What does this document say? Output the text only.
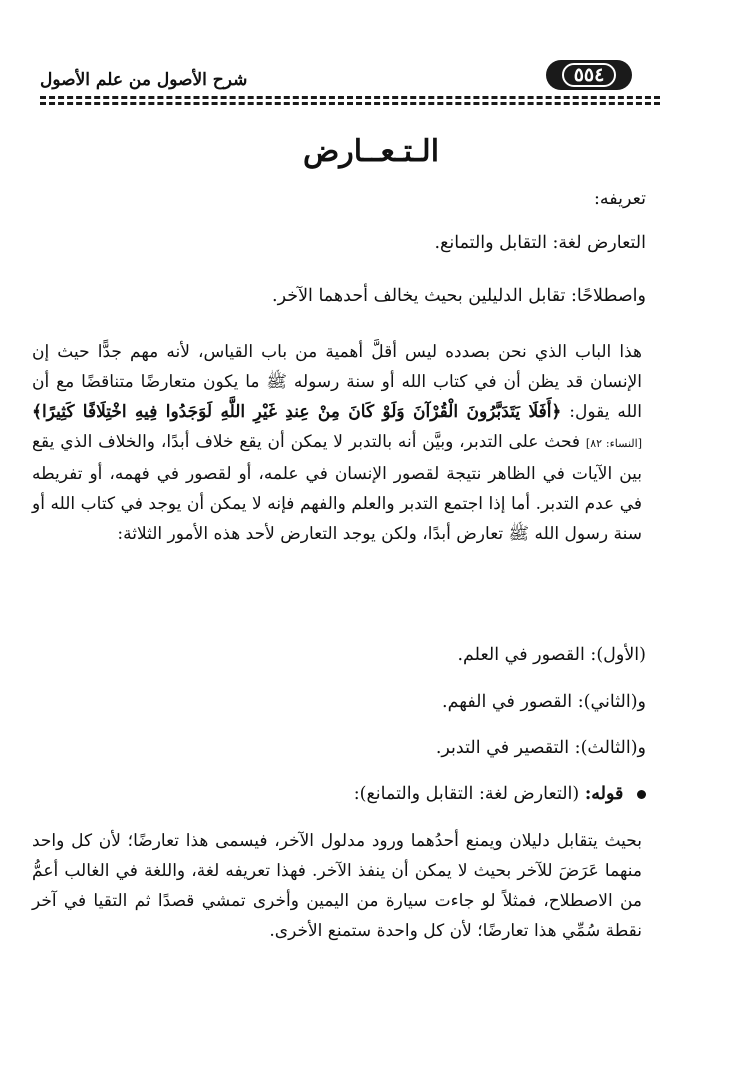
٥٥٤
شرح الأصول من علم الأصول
الـتـعــارض
تعريفه:
التعارض لغة: التقابل والتمانع.
واصطلاحًا: تقابل الدليلين بحيث يخالف أحدهما الآخر.

هذا الباب الذي نحن بصدده ليس أقلَّ أهمية من باب القياس، لأنه مهم جدًّا حيث إن الإنسان قد يظن أن في كتاب الله أو سنة رسوله ﷺ ما يكون متعارضًا متناقضًا مع أن الله يقول: ﴿أَفَلَا يَتَدَبَّرُونَ الْقُرْآنَ وَلَوْ كَانَ مِنْ عِندِ غَيْرِ اللَّهِ لَوَجَدُوا فِيهِ اخْتِلَافًا كَثِيرًا﴾ [النساء: ٨٢] فحث على التدبر، وبيَّن أنه بالتدبر لا يمكن أن يقع خلاف أبدًا، والخلاف الذي يقع بين الآيات في الظاهر نتيجة لقصور الإنسان في علمه، أو لقصور في فهمه، أو تفريطه في عدم التدبر. أما إذا اجتمع التدبر والعلم والفهم فإنه لا يمكن أن يوجد في كتاب الله أو سنة رسول الله ﷺ تعارض أبدًا، ولكن يوجد التعارض لأحد هذه الأمور الثلاثة:

(الأول): القصور في العلم.
و(الثاني): القصور في الفهم.
و(الثالث): التقصير في التدبر.
قوله: (التعارض لغة: التقابل والتمانع):

بحيث يتقابل دليلان ويمنع أحدُهما ورود مدلول الآخر، فيسمى هذا تعارضًا؛ لأن كل واحد منهما عَرَضَ للآخر بحيث لا يمكن أن ينفذ الآخر. فهذا تعريفه لغة، واللغة في الغالب أعمُّ من الاصطلاح، فمثلاً لو جاءت سيارة من اليمين وأخرى تمشي قصدًا ثم التقيا في آخر نقطة سُمِّي هذا تعارضًا؛ لأن كل واحدة ستمنع الأخرى.
